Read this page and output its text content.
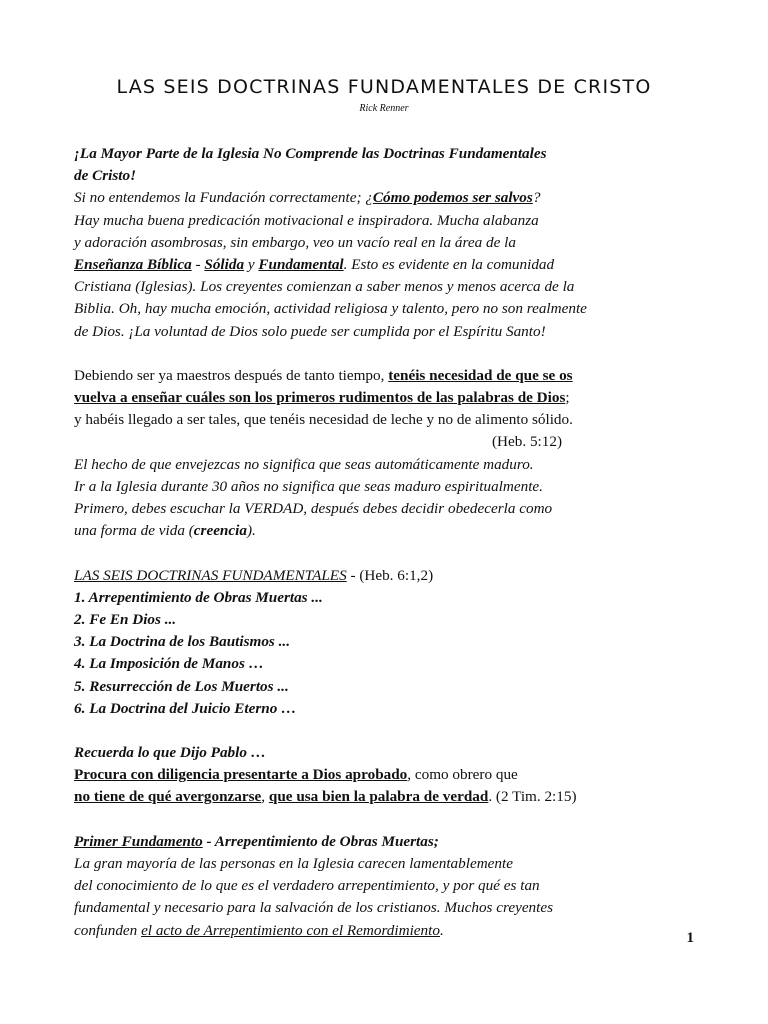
LAS SEIS DOCTRINAS FUNDAMENTALES DE CRISTO
Rick Renner
¡La Mayor Parte de la Iglesia No Comprende las Doctrinas Fundamentales
de Cristo!
Si no entendemos la Fundación correctamente; ¿Cómo podemos ser salvos?
Hay mucha buena predicación motivacional e inspiradora. Mucha alabanza
y adoración asombrosas, sin embargo, veo un vacío real en la área de la
Enseñanza Bíblica - Sólida y Fundamental. Esto es evidente en la comunidad
Cristiana (Iglesias). Los creyentes comienzan a saber menos y menos acerca de la
Biblia. Oh, hay mucha emoción, actividad religiosa y talento, pero no son realmente
de Dios. ¡La voluntad de Dios solo puede ser cumplida por el Espíritu Santo!
Debiendo ser ya maestros después de tanto tiempo, tenéis necesidad de que se os
vuelva a enseñar cuáles son los primeros rudimentos de las palabras de Dios;
y habéis llegado a ser tales, que tenéis necesidad de leche y no de alimento sólido.
(Heb. 5:12)
El hecho de que envejezcas no significa que seas automáticamente maduro.
Ir a la Iglesia durante 30 años no significa que seas maduro espiritualmente.
Primero, debes escuchar la VERDAD, después debes decidir obedecerla como
una forma de vida (creencia).
LAS SEIS DOCTRINAS FUNDAMENTALES - (Heb. 6:1,2)
1. Arrepentimiento de Obras Muertas ...
2. Fe En Dios ...
3. La Doctrina de los Bautismos ...
4. La Imposición de Manos …
5. Resurrección de Los Muertos ...
6. La Doctrina del Juicio Eterno …
Recuerda lo que Dijo Pablo …
Procura con diligencia presentarte a Dios aprobado, como obrero que
no tiene de qué avergonzarse, que usa bien la palabra de verdad. (2 Tim. 2:15)
Primer Fundamento - Arrepentimiento de Obras Muertas;
La gran mayoría de las personas en la Iglesia carecen lamentablemente
del conocimiento de lo que es el verdadero arrepentimiento, y por qué es tan
fundamental y necesario para la salvación de los cristianos. Muchos creyentes
confunden el acto de Arrepentimiento con el Remordimiento.	1
